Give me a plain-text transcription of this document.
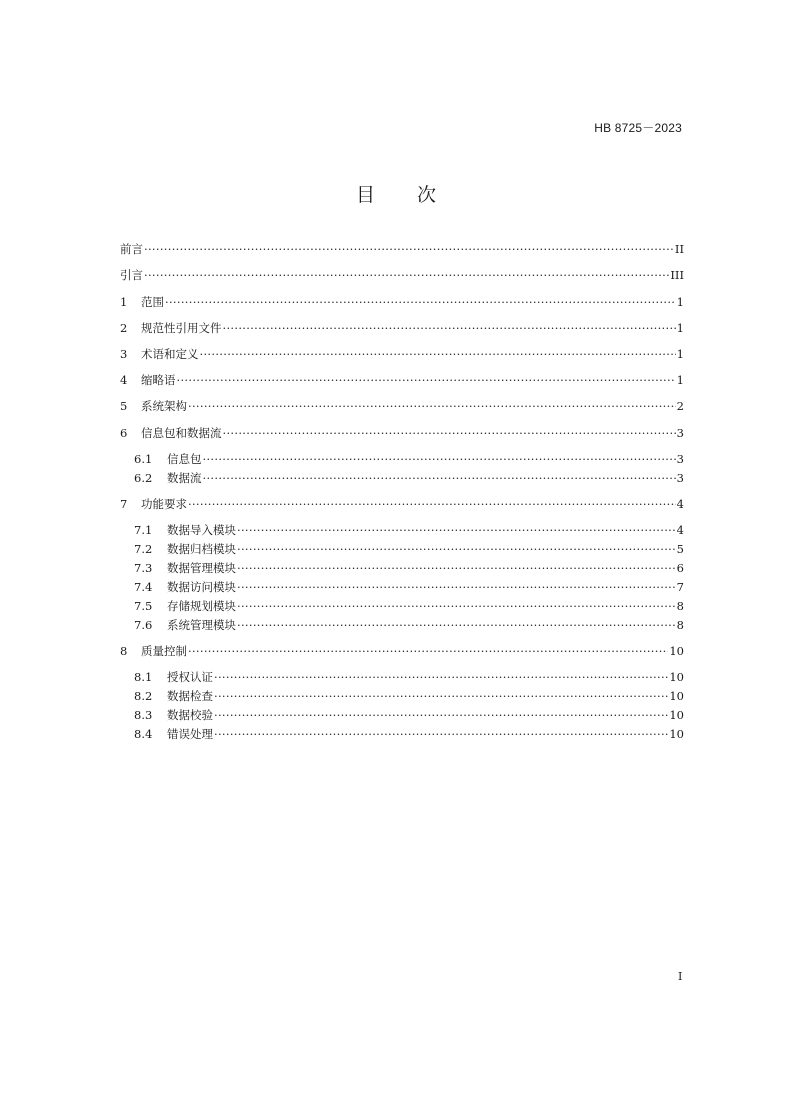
HB 8725－2023
目 次
前言 ·····	II
引言 ·····	III
1	范围 ·····	1
2	规范性引用文件 ·····	1
3	术语和定义 ·····	1
4	缩略语 ·····	1
5	系统架构 ·····	2
6	信息包和数据流 ·····	3
6.1	信息包 ·····	3
6.2	数据流 ·····	3
7	功能要求 ·····	4
7.1	数据导入模块 ·····	4
7.2	数据归档模块 ·····	5
7.3	数据管理模块 ·····	6
7.4	数据访问模块 ·····	7
7.5	存储规划模块 ·····	8
7.6	系统管理模块 ·····	8
8	质量控制 ·····	10
8.1	授权认证 ·····	10
8.2	数据检查 ·····	10
8.3	数据校验 ·····	10
8.4	错误处理 ·····	10
I
